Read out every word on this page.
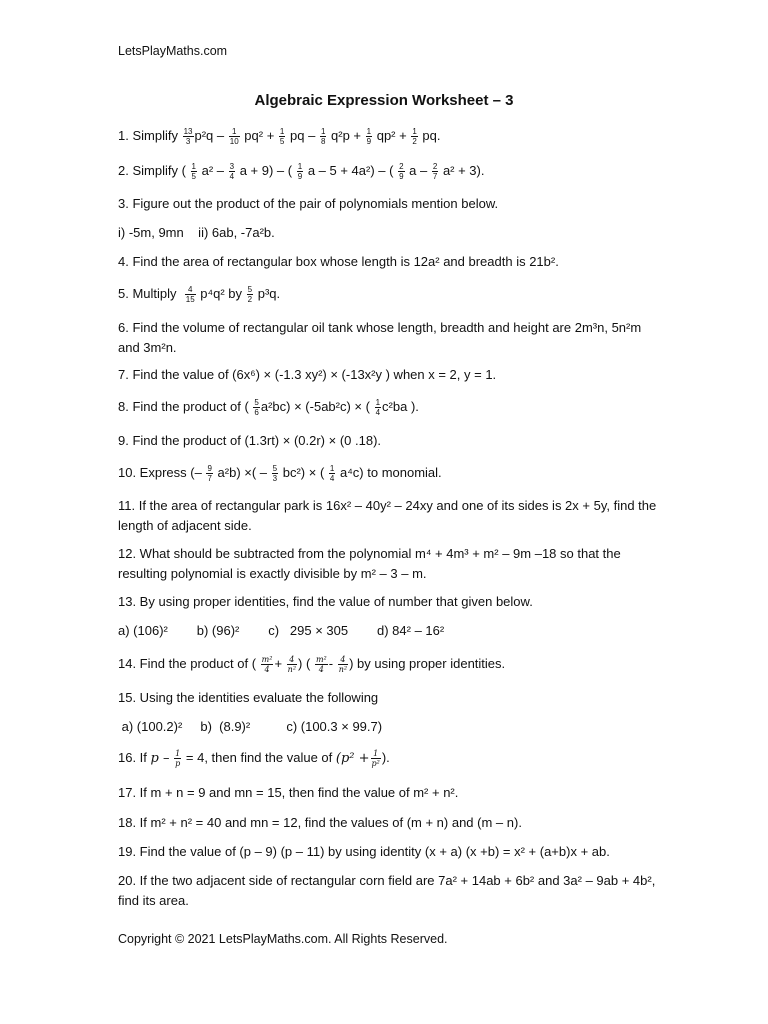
LetsPlayMaths.com
Algebraic Expression Worksheet – 3
1. Simplify $\frac{13}{3} p^2q - \frac{1}{10} pq^2 + \frac{1}{5}$ pq – $\frac{1}{8} q^2p + \frac{1}{9} qp^2 + \frac{1}{2}$ pq.
2. Simplify ( $\frac{1}{5} a^2 - \frac{3}{4}$ a + 9) – ( $\frac{1}{9}$ a – 5 + 4a²) – ( $\frac{2}{9}$ $a - \frac{2}{7} a^2 + 3$).
3. Figure out the product of the pair of polynomials mention below.
i) -5m, 9mn    ii) 6ab, -7a²b.
4. Find the area of rectangular box whose length is 12a² and breadth is 21b².
5. Multiply $\frac{4}{15} p^4q^2$ by $\frac{5}{2} p^3q$.
6. Find the volume of rectangular oil tank whose length, breadth and height are 2m³n, 5n²m and 3m²n.
7. Find the value of (6x⁶) × (-1.3 xy²) × (-13x²y ) when x = 2, y = 1.
8. Find the product of ( $\frac{5}{6} a^2bc) \times (-5ab^2c)$ × ( $\frac{1}{4} c^2ba$ ).
9. Find the product of (1.3rt) × (0.2r) × (0 .18).
10. Express (– $\frac{9}{7} a^2b$) ×( – $\frac{5}{3} bc^2$) × ( $\frac{1}{4} a^4c$) to monomial.
11. If the area of rectangular park is 16x² – 40y² – 24xy and one of its sides is 2x + 5y, find the length of adjacent side.
12. What should be subtracted from the polynomial m⁴ + 4m³ + m² – 9m –18 so that the resulting polynomial is exactly divisible by m² – 3 – m.
13. By using proper identities, find the value of number that given below.
a) (106)²        b) (96)²        c)   295 × 305        d) 84² – 16²
14. Find the product of ( $\frac{\text{m²}}{4} + \frac{4}{\text{n²}}$ ) ( $\frac{\text{m²}}{4} - \frac{4}{\text{n²}}$ ) by using proper identities.
15. Using the identities evaluate the following
a) (100.2)²     b)  (8.9)²          c) (100.3 × 99.7)
16. If $p - \frac{1}{p} = 4$, then find the value of ($p^2 + \frac{1}{\text{p²}}$ ).
17. If m + n = 9 and mn = 15, then find the value of m² + n².
18. If m² + n² = 40 and mn = 12, find the values of (m + n) and (m – n).
19. Find the value of (p – 9) (p – 11) by using identity (x + a) (x +b) = x² + (a+b)x + ab.
20. If the two adjacent side of rectangular corn field are 7a² + 14ab + 6b² and 3a² – 9ab + 4b², find its area.
Copyright © 2021 LetsPlayMaths.com. All Rights Reserved.
